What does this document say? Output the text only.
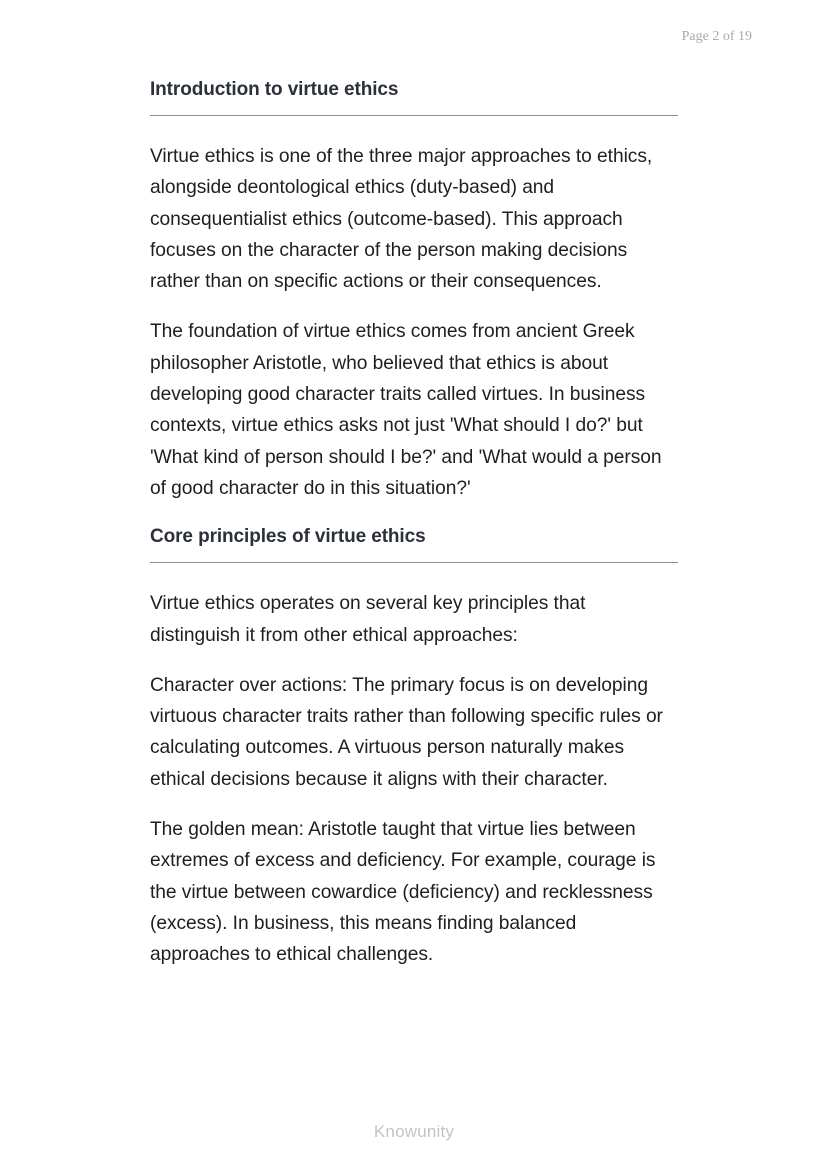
Page 2 of 19
Introduction to virtue ethics

Virtue ethics is one of the three major approaches to ethics, alongside deontological ethics (duty-based) and consequentialist ethics (outcome-based). This approach focuses on the character of the person making decisions rather than on specific actions or their consequences.

The foundation of virtue ethics comes from ancient Greek philosopher Aristotle, who believed that ethics is about developing good character traits called virtues. In business contexts, virtue ethics asks not just 'What should I do?' but 'What kind of person should I be?' and 'What would a person of good character do in this situation?'

Core principles of virtue ethics

Virtue ethics operates on several key principles that distinguish it from other ethical approaches:

Character over actions: The primary focus is on developing virtuous character traits rather than following specific rules or calculating outcomes. A virtuous person naturally makes ethical decisions because it aligns with their character.

The golden mean: Aristotle taught that virtue lies between extremes of excess and deficiency. For example, courage is the virtue between cowardice (deficiency) and recklessness (excess). In business, this means finding balanced approaches to ethical challenges.

Knowunity
